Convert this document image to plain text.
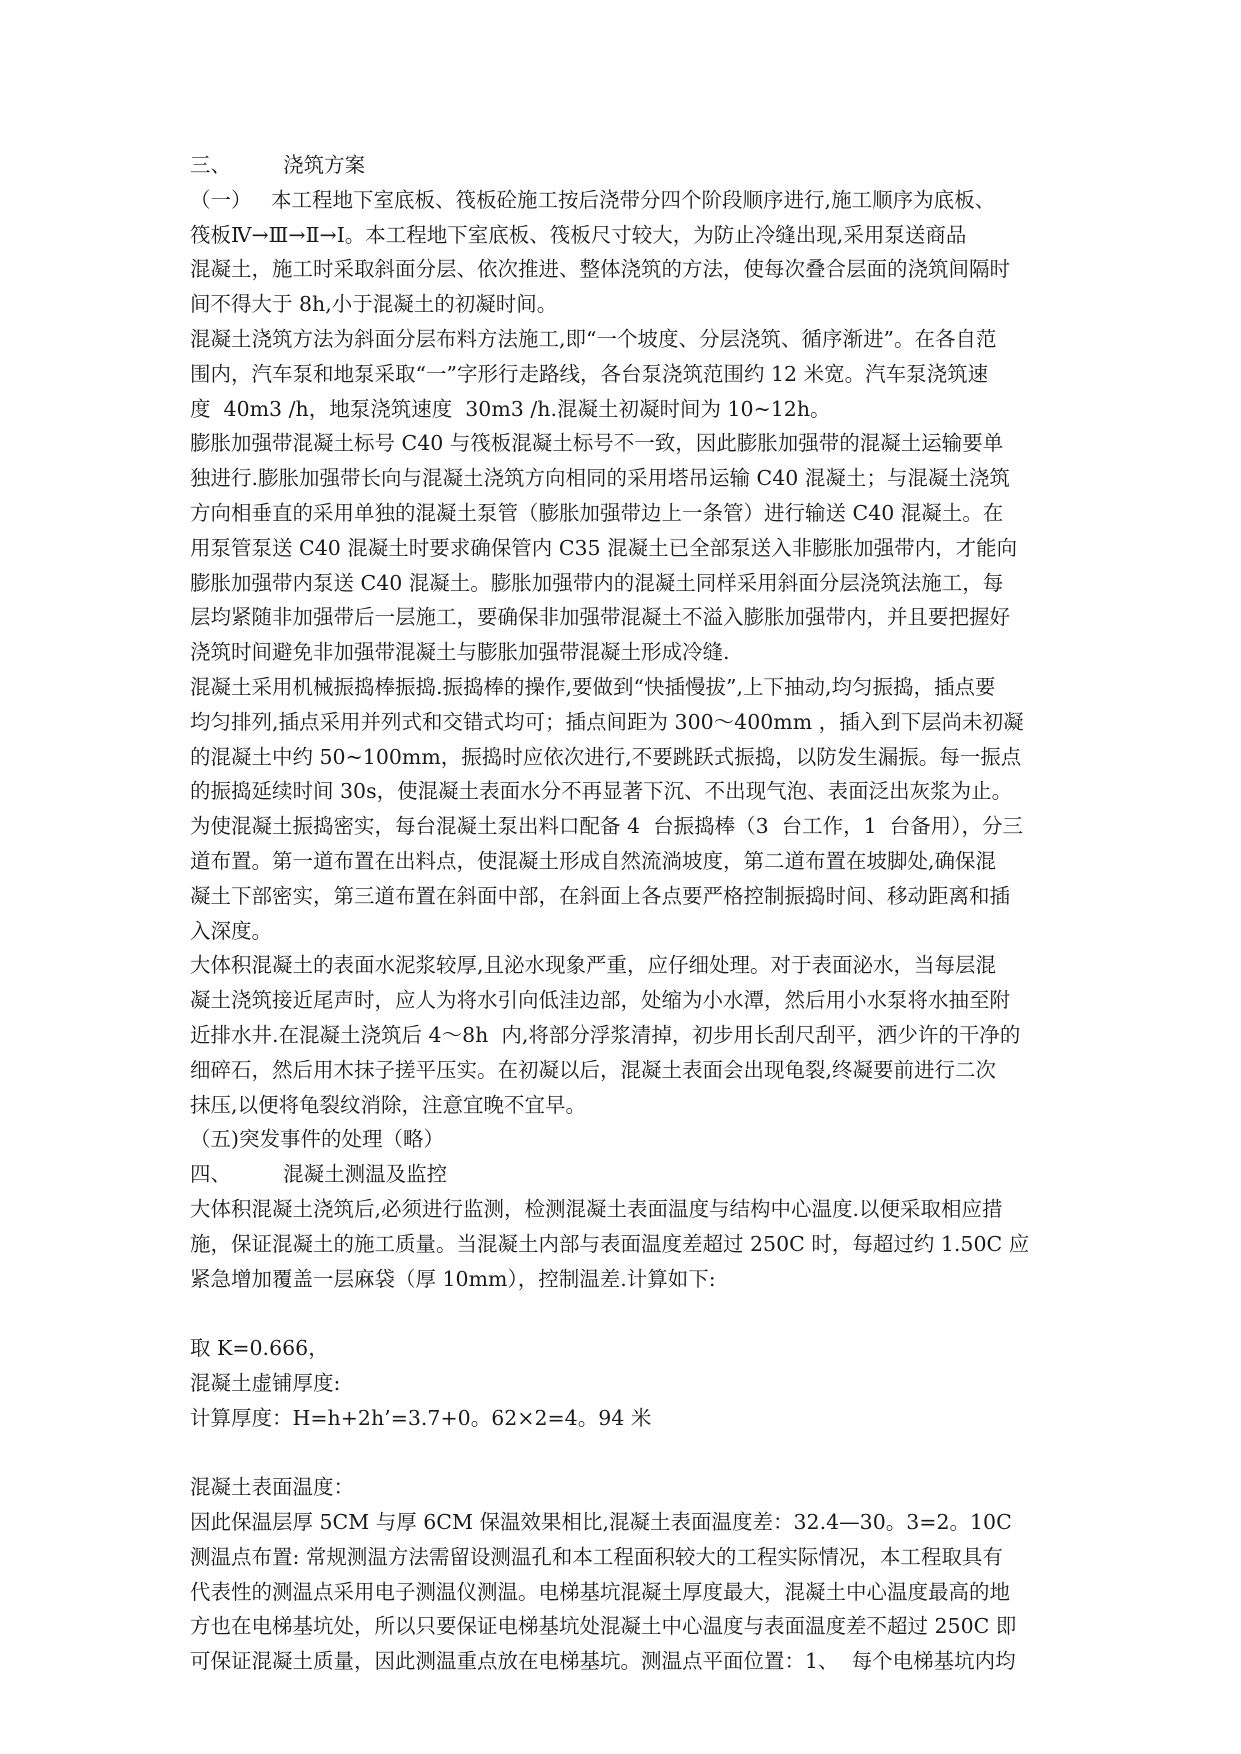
三、        浇筑方案
（一）   本工程地下室底板、筏板砼施工按后浇带分四个阶段顺序进行,施工顺序为底板、
筏板Ⅳ→Ⅲ→Ⅱ→Ⅰ。本工程地下室底板、筏板尺寸较大，为防止冷缝出现,采用泵送商品
混凝土，施工时采取斜面分层、依次推进、整体浇筑的方法，使每次叠合层面的浇筑间隔时
间不得大于 8h,小于混凝土的初凝时间。
混凝土浇筑方法为斜面分层布料方法施工,即“一个坡度、分层浇筑、循序渐进”。在各自范
围内，汽车泵和地泵采取“一”字形行走路线，各台泵浇筑范围约 12 米宽。汽车泵浇筑速
度  40m3 /h，地泵浇筑速度  30m3 /h.混凝土初凝时间为 10~12h。
膨胀加强带混凝土标号 C40 与筏板混凝土标号不一致，因此膨胀加强带的混凝土运输要单
独进行.膨胀加强带长向与混凝土浇筑方向相同的采用塔吊运输 C40 混凝土；与混凝土浇筑
方向相垂直的采用单独的混凝土泵管（膨胀加强带边上一条管）进行输送 C40 混凝土。在
用泵管泵送 C40 混凝土时要求确保管内 C35 混凝土已全部泵送入非膨胀加强带内，才能向
膨胀加强带内泵送 C40 混凝土。膨胀加强带内的混凝土同样采用斜面分层浇筑法施工，每
层均紧随非加强带后一层施工，要确保非加强带混凝土不溢入膨胀加强带内，并且要把握好
浇筑时间避免非加强带混凝土与膨胀加强带混凝土形成冷缝.
混凝土采用机械振捣棒振捣.振捣棒的操作,要做到“快插慢拔”,上下抽动,均匀振捣，插点要
均匀排列,插点采用并列式和交错式均可；插点间距为 300～400mm ，插入到下层尚未初凝
的混凝土中约 50~100mm，振捣时应依次进行,不要跳跃式振捣，以防发生漏振。每一振点
的振捣延续时间 30s，使混凝土表面水分不再显著下沉、不出现气泡、表面泛出灰浆为止。
为使混凝土振捣密实，每台混凝土泵出料口配备 4  台振捣棒（3  台工作，1  台备用），分三
道布置。第一道布置在出料点，使混凝土形成自然流淌坡度，第二道布置在坡脚处,确保混
凝土下部密实，第三道布置在斜面中部，在斜面上各点要严格控制振捣时间、移动距离和插
入深度。
大体积混凝土的表面水泥浆较厚,且泌水现象严重，应仔细处理。对于表面泌水，当每层混
凝土浇筑接近尾声时，应人为将水引向低洼边部，处缩为小水潭，然后用小水泵将水抽至附
近排水井.在混凝土浇筑后 4～8h  内,将部分浮浆清掉，初步用长刮尺刮平，洒少许的干净的
细碎石，然后用木抹子搓平压实。在初凝以后，混凝土表面会出现龟裂,终凝要前进行二次
抹压,以便将龟裂纹消除，注意宜晚不宜早。
（五)突发事件的处理（略）
四、        混凝土测温及监控
大体积混凝土浇筑后,必须进行监测，检测混凝土表面温度与结构中心温度.以便采取相应措
施，保证混凝土的施工质量。当混凝土内部与表面温度差超过 250C 时，每超过约 1.50C 应
紧急增加覆盖一层麻袋（厚 10mm），控制温差.计算如下:
取 K=0.666，
混凝土虚铺厚度:
计算厚度：H=h+2h’=3.7+0。62×2=4。94 米
混凝土表面温度：
因此保温层厚 5CM 与厚 6CM 保温效果相比,混凝土表面温度差：32.4—30。3=2。10C
测温点布置: 常规测温方法需留设测温孔和本工程面积较大的工程实际情况，本工程取具有
代表性的测温点采用电子测温仪测温。电梯基坑混凝土厚度最大，混凝土中心温度最高的地
方也在电梯基坑处，所以只要保证电梯基坑处混凝土中心温度与表面温度差不超过 250C 即
可保证混凝土质量，因此测温重点放在电梯基坑。测温点平面位置：1、  每个电梯基坑内均
